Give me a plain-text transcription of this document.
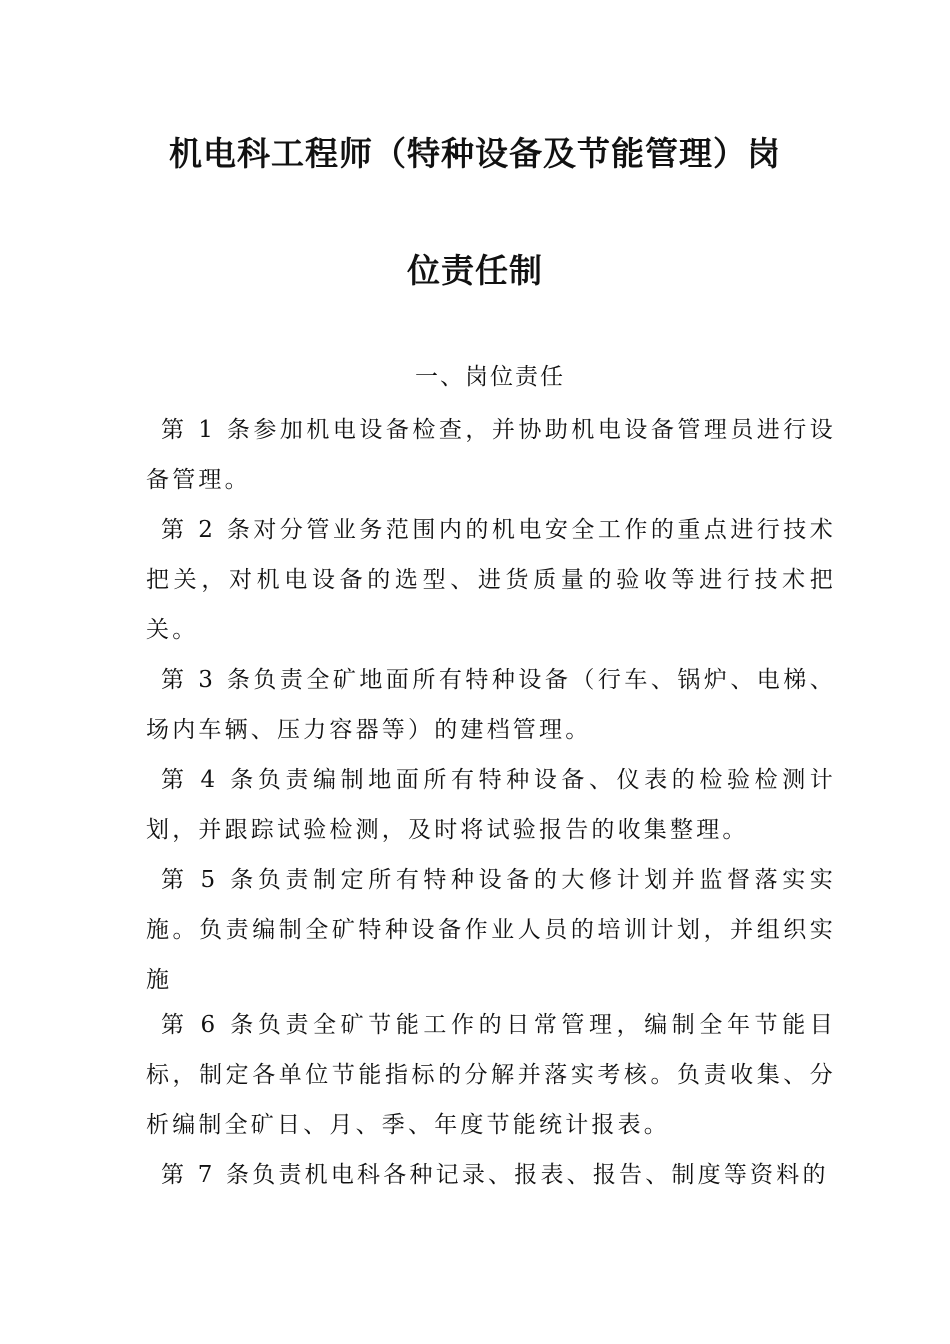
机电科工程师（特种设备及节能管理）岗
位责任制
一、岗位责任

第 1 条参加机电设备检查，并协助机电设备管理员进行设备管理。

第 2 条对分管业务范围内的机电安全工作的重点进行技术把关，对机电设备的选型、进货质量的验收等进行技术把关。

第 3 条负责全矿地面所有特种设备（行车、锅炉、电梯、场内车辆、压力容器等）的建档管理。

第 4 条负责编制地面所有特种设备、仪表的检验检测计划，并跟踪试验检测，及时将试验报告的收集整理。

第 5 条负责制定所有特种设备的大修计划并监督落实实施。负责编制全矿特种设备作业人员的培训计划，并组织实施

第 6 条负责全矿节能工作的日常管理，编制全年节能目标，制定各单位节能指标的分解并落实考核。负责收集、分析编制全矿日、月、季、年度节能统计报表。

第 7 条负责机电科各种记录、报表、报告、制度等资料的
